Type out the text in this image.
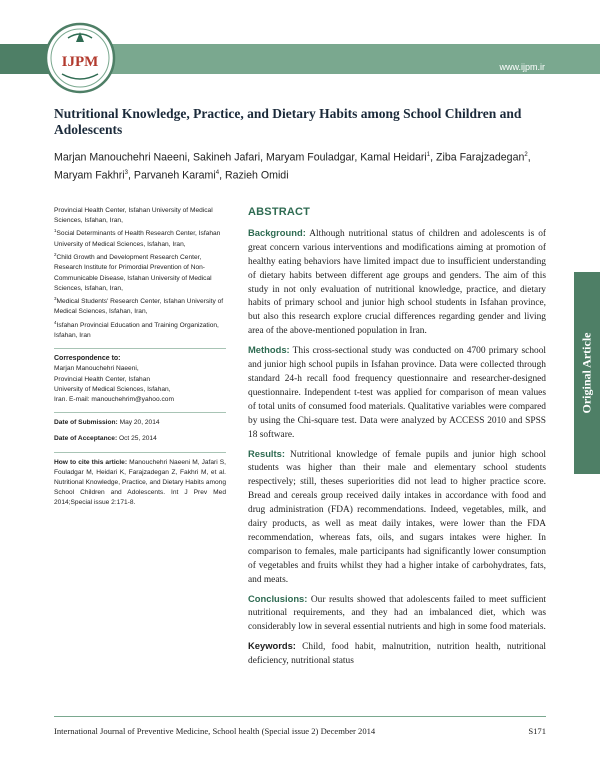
IJPM	www.ijpm.ir
Nutritional Knowledge, Practice, and Dietary Habits among School Children and Adolescents
Marjan Manouchehri Naeeni, Sakineh Jafari, Maryam Fouladgar, Kamal Heidari$^1$, Ziba Farajzadegan$^2$, Maryam Fakhri$^3$, Parvaneh Karami$^4$, Razieh Omidi

Provincial Health Center, Isfahan University of Medical Sciences, Isfahan, Iran,

$^1$Social Determinants of Health Research Center, Isfahan University of Medical Sciences, Isfahan, Iran,

$^2$Child Growth and Development Research Center, Research Institute for Primordial Prevention of Non-Communicable Disease, Isfahan University of Medical Sciences, Isfahan, Iran,

$^3$Medical Students' Research Center, Isfahan University of Medical Sciences, Isfahan, Iran,

$^4$Isfahan Provincial Education and Training Organization, Isfahan, Iran

Correspondence to:
Marjan Manouchehri Naeeni,
Provincial Health Center, Isfahan
University of Medical Sciences, Isfahan,
Iran. E-mail: manouchehrim@yahoo.com

Date of Submission: May 20, 2014

Date of Acceptance: Oct 25, 2014

How to cite this article: Manouchehri Naeeni M, Jafari S, Fouladgar M, Heidari K, Farajzadegan Z, Fakhri M, et al. Nutritional Knowledge, Practice, and Dietary Habits among School Children and Adolescents. Int J Prev Med 2014;Special issue 2:171-8.
ABSTRACT

Background: Although nutritional status of children and adolescents is of great concern various interventions and modifications aiming at promotion of healthy eating behaviors have limited impact due to insufficient understanding of dietary habits between different age groups and genders. The aim of this study in not only evaluation of nutritional knowledge, practice, and dietary habits of primary school and junior high school students in Isfahan province, but also this research explore crucial differences regarding gender and living area of the above-mentioned population in Iran.

Methods: This cross-sectional study was conducted on 4700 primary school and junior high school pupils in Isfahan province. Data were collected through standard 24-h recall food frequency questionnaire and researcher-designed questionnaire. Independent t-test was applied for comparison of mean values of total units of consumed food materials. Qualitative variables were compared by using the Chi-square test. Data were analyzed by ACCESS 2010 and SPSS 18 software.

Results: Nutritional knowledge of female pupils and junior high school students was higher than their male and elementary school students respectively; still, theses superiorities did not lead to higher practice score. Bread and cereals group received daily intakes in accordance with food and drug administration (FDA) recommendations. Indeed, vegetables, milk, and dairy products, as well as meat daily intakes, were lower than the FDA recommendation, whereas fats, oils, and sugars intakes were higher. In comparison to females, male participants had significantly lower consumption of vegetables and fruits whilst they had a higher intake of carbohydrates, fats, and meats.

Conclusions: Our results showed that adolescents failed to meet sufficient nutritional requirements, and they had an imbalanced diet, which was considerably low in several essential nutrients and high in some food materials.

Keywords: Child, food habit, malnutrition, nutrition health, nutritional deficiency, nutritional status

Original Article
International Journal of Preventive Medicine, School health (Special issue 2) December 2014	S171
